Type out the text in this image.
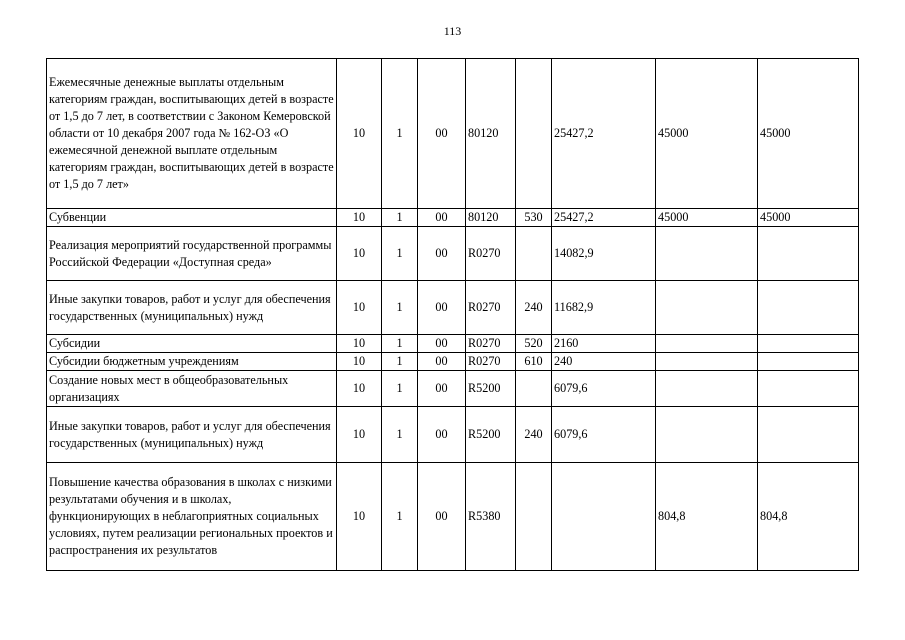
113
Ежемесячные денежные выплаты отдельным категориям граждан, воспитывающих детей в возрасте от 1,5 до 7 лет, в соответствии с Законом Кемеровской области от 10 декабря 2007 года № 162-ОЗ «О ежемесячной денежной выплате отдельным категориям граждан, воспитывающих детей в возрасте от 1,5 до 7 лет»	10	1	00	80120		25427,2	45000	45000
Субвенции	10	1	00	80120	530	25427,2	45000	45000
Реализация мероприятий государственной программы Российской Федерации «Доступная среда»	10	1	00	R0270		14082,9		
Иные закупки товаров, работ и услуг для обеспечения государственных (муниципальных) нужд	10	1	00	R0270	240	11682,9		
Субсидии	10	1	00	R0270	520	2160		
Субсидии бюджетным учреждениям	10	1	00	R0270	610	240		
Создание новых мест в общеобразовательных организациях	10	1	00	R5200		6079,6		
Иные закупки товаров, работ и услуг для обеспечения государственных (муниципальных) нужд	10	1	00	R5200	240	6079,6		
Повышение качества образования в школах с низкими результатами обучения и в школах, функционирующих в неблагоприятных социальных условиях, путем реализации региональных проектов и распространения их результатов	10	1	00	R5380			804,8	804,8
